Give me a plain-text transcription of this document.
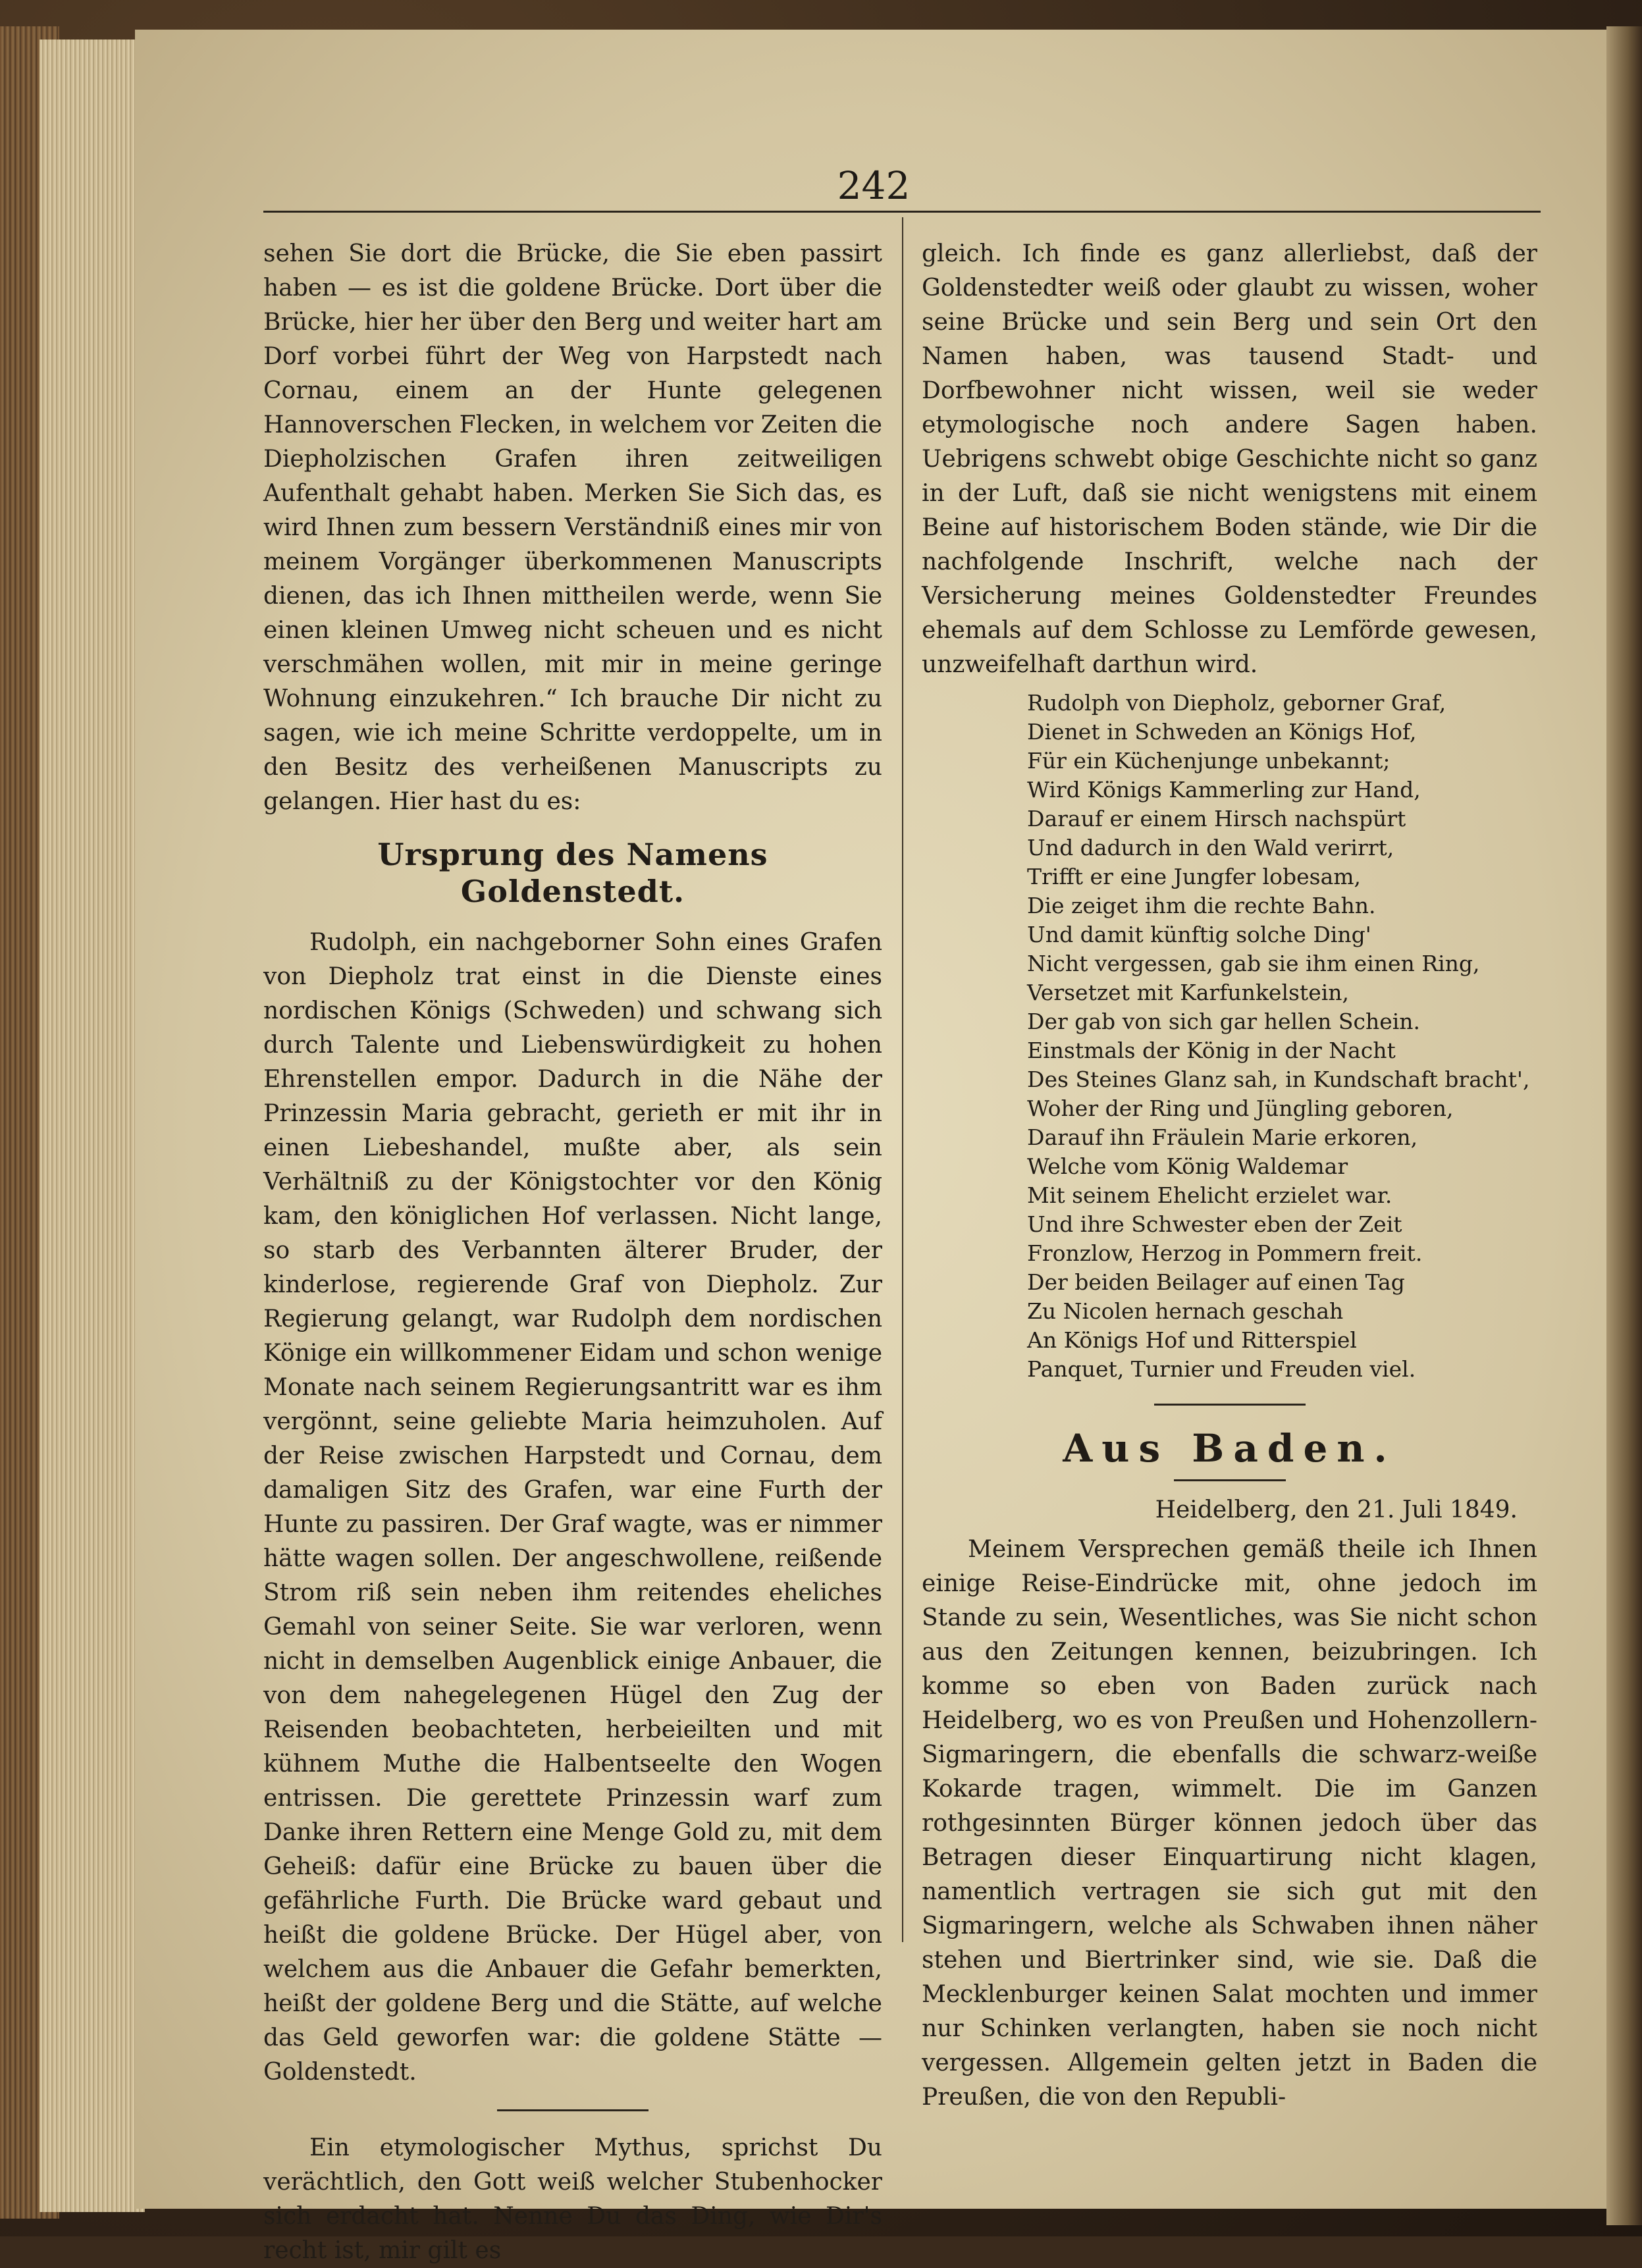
242

sehen Sie dort die Brücke, die Sie eben passirt haben — es ist die goldene Brücke. Dort über die Brücke, hier her über den Berg und weiter hart am Dorf vorbei führt der Weg von Harpstedt nach Cornau, einem an der Hunte gelegenen Hannoverschen Flecken, in welchem vor Zeiten die Diepholzischen Grafen ihren zeitweiligen Aufenthalt gehabt haben. Merken Sie Sich das, es wird Ihnen zum bessern Verständniß eines mir von meinem Vorgänger überkommenen Manuscripts dienen, das ich Ihnen mittheilen werde, wenn Sie einen kleinen Umweg nicht scheuen und es nicht verschmähen wollen, mit mir in meine geringe Wohnung einzukehren.“ Ich brauche Dir nicht zu sagen, wie ich meine Schritte verdoppelte, um in den Besitz des verheißenen Manuscripts zu gelangen. Hier hast du es:

Ursprung des Namens Goldenstedt.

Rudolph, ein nachgeborner Sohn eines Grafen von Diepholz trat einst in die Dienste eines nordischen Königs (Schweden) und schwang sich durch Talente und Liebenswürdigkeit zu hohen Ehrenstellen empor. Dadurch in die Nähe der Prinzessin Maria gebracht, gerieth er mit ihr in einen Liebeshandel, mußte aber, als sein Verhältniß zu der Königstochter vor den König kam, den königlichen Hof verlassen. Nicht lange, so starb des Verbannten älterer Bruder, der kinderlose, regierende Graf von Diepholz. Zur Regierung gelangt, war Rudolph dem nordischen Könige ein willkommener Eidam und schon wenige Monate nach seinem Regierungsantritt war es ihm vergönnt, seine geliebte Maria heimzuholen. Auf der Reise zwischen Harpstedt und Cornau, dem damaligen Sitz des Grafen, war eine Furth der Hunte zu passiren. Der Graf wagte, was er nimmer hätte wagen sollen. Der angeschwollene, reißende Strom riß sein neben ihm reitendes eheliches Gemahl von seiner Seite. Sie war verloren, wenn nicht in demselben Augenblick einige Anbauer, die von dem nahegelegenen Hügel den Zug der Reisenden beobachteten, herbeieilten und mit kühnem Muthe die Halbentseelte den Wogen entrissen. Die gerettete Prinzessin warf zum Danke ihren Rettern eine Menge Gold zu, mit dem Geheiß: dafür eine Brücke zu bauen über die gefährliche Furth. Die Brücke ward gebaut und heißt die goldene Brücke. Der Hügel aber, von welchem aus die Anbauer die Gefahr bemerkten, heißt der goldene Berg und die Stätte, auf welche das Geld geworfen war: die goldene Stätte — Goldenstedt.

Ein etymologischer Mythus, sprichst Du verächtlich, den Gott weiß welcher Stubenhocker sich erdacht hat. Nenne Du das Ding, wie Dir's recht ist, mir gilt es

gleich. Ich finde es ganz allerliebst, daß der Goldenstedter weiß oder glaubt zu wissen, woher seine Brücke und sein Berg und sein Ort den Namen haben, was tausend Stadt- und Dorfbewohner nicht wissen, weil sie weder etymologische noch andere Sagen haben. Uebrigens schwebt obige Geschichte nicht so ganz in der Luft, daß sie nicht wenigstens mit einem Beine auf historischem Boden stände, wie Dir die nachfolgende Inschrift, welche nach der Versicherung meines Goldenstedter Freundes ehemals auf dem Schlosse zu Lemförde gewesen, unzweifelhaft darthun wird.

Rudolph von Diepholz, geborner Graf,
Dienet in Schweden an Königs Hof,
Für ein Küchenjunge unbekannt;
Wird Königs Kammerling zur Hand,
Darauf er einem Hirsch nachspürt
Und dadurch in den Wald verirrt,
Trifft er eine Jungfer lobesam,
Die zeiget ihm die rechte Bahn.
Und damit künftig solche Ding'
Nicht vergessen, gab sie ihm einen Ring,
Versetzet mit Karfunkelstein,
Der gab von sich gar hellen Schein.
Einstmals der König in der Nacht
Des Steines Glanz sah, in Kundschaft bracht',
Woher der Ring und Jüngling geboren,
Darauf ihn Fräulein Marie erkoren,
Welche vom König Waldemar
Mit seinem Ehelicht erzielet war.
Und ihre Schwester eben der Zeit
Fronzlow, Herzog in Pommern freit.
Der beiden Beilager auf einen Tag
Zu Nicolen hernach geschah
An Königs Hof und Ritterspiel
Panquet, Turnier und Freuden viel.
Aus Baden.
Heidelberg, den 21. Juli 1849.

Meinem Versprechen gemäß theile ich Ihnen einige Reise-Eindrücke mit, ohne jedoch im Stande zu sein, Wesentliches, was Sie nicht schon aus den Zeitungen kennen, beizubringen. Ich komme so eben von Baden zurück nach Heidelberg, wo es von Preußen und Hohenzollern-Sigmaringern, die ebenfalls die schwarz-weiße Kokarde tragen, wimmelt. Die im Ganzen rothgesinnten Bürger können jedoch über das Betragen dieser Einquartirung nicht klagen, namentlich vertragen sie sich gut mit den Sigmaringern, welche als Schwaben ihnen näher stehen und Biertrinker sind, wie sie. Daß die Mecklenburger keinen Salat mochten und immer nur Schinken verlangten, haben sie noch nicht vergessen. Allgemein gelten jetzt in Baden die Preußen, die von den Republi-
